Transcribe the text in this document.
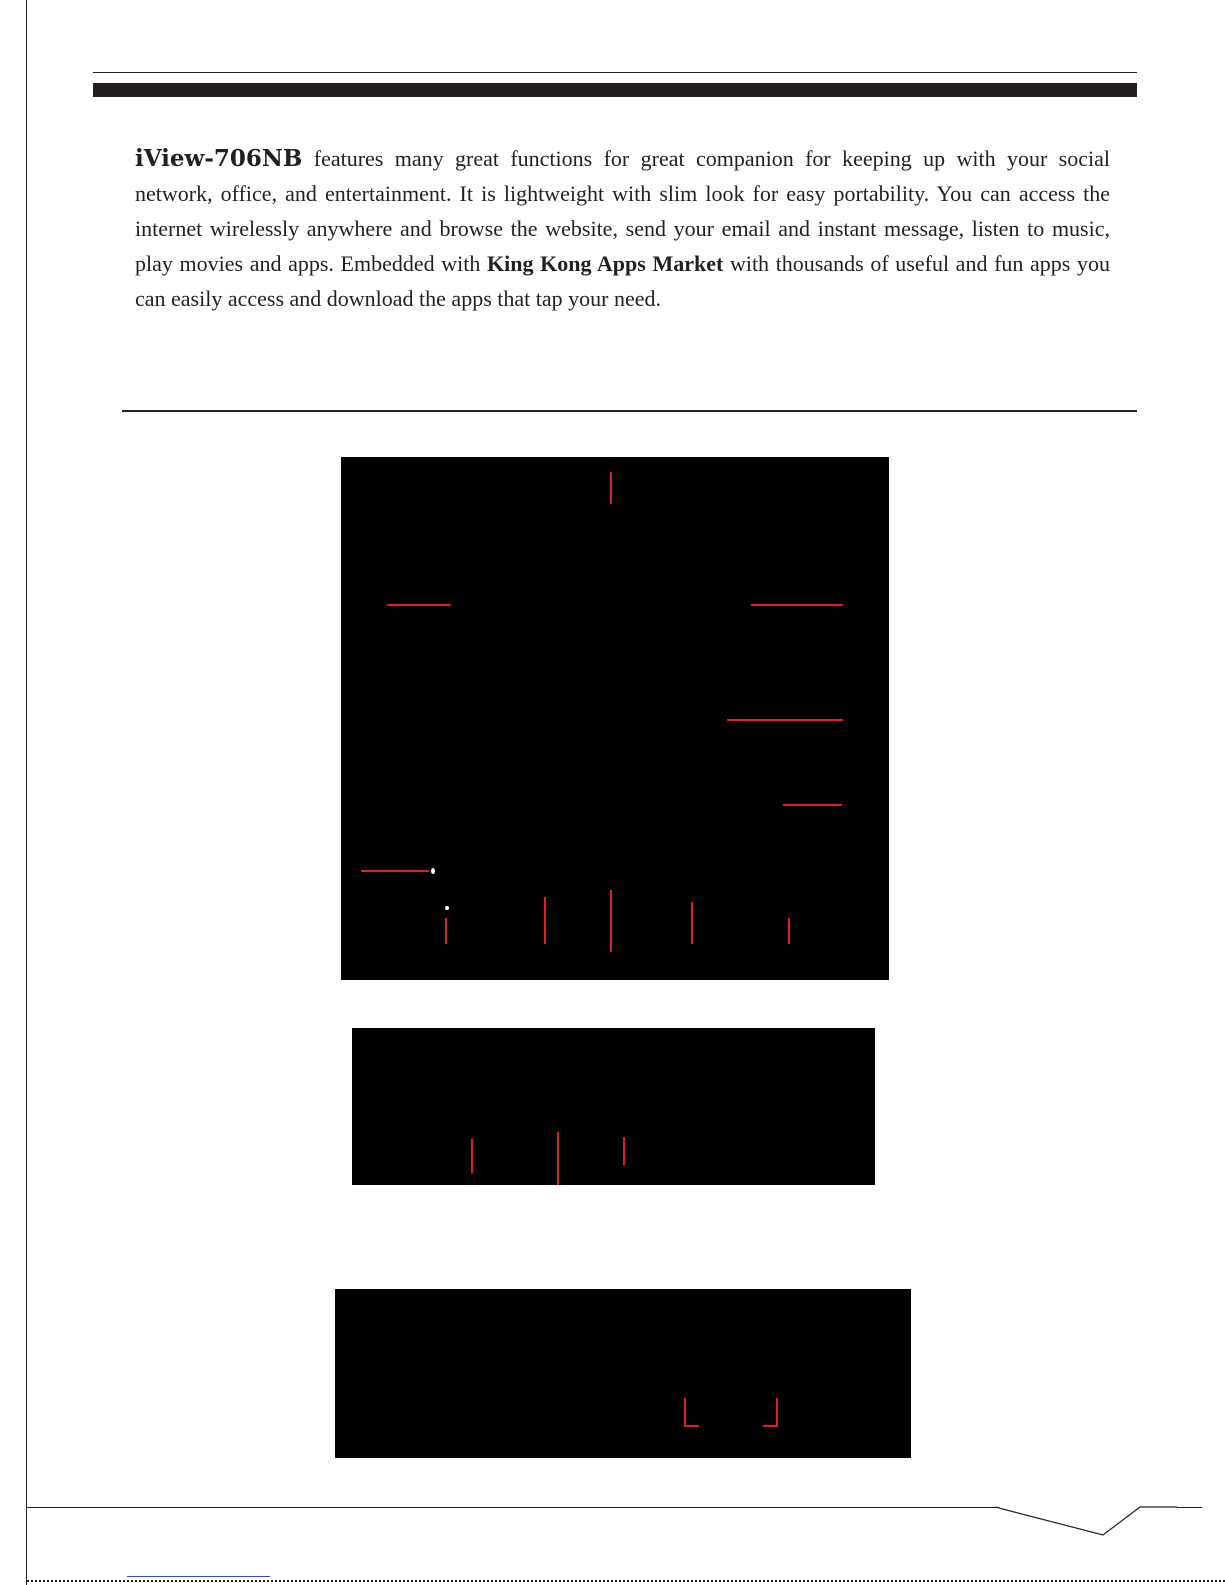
iView-706NB features many great functions for great companion for keeping up with your social network, office, and entertainment. It is lightweight with slim look for easy portability. You can access the internet wirelessly anywhere and browse the website, send your email and instant message, listen to music, play movies and apps. Embedded with King Kong Apps Market with thousands of useful and fun apps you can easily access and download the apps that tap your need.
